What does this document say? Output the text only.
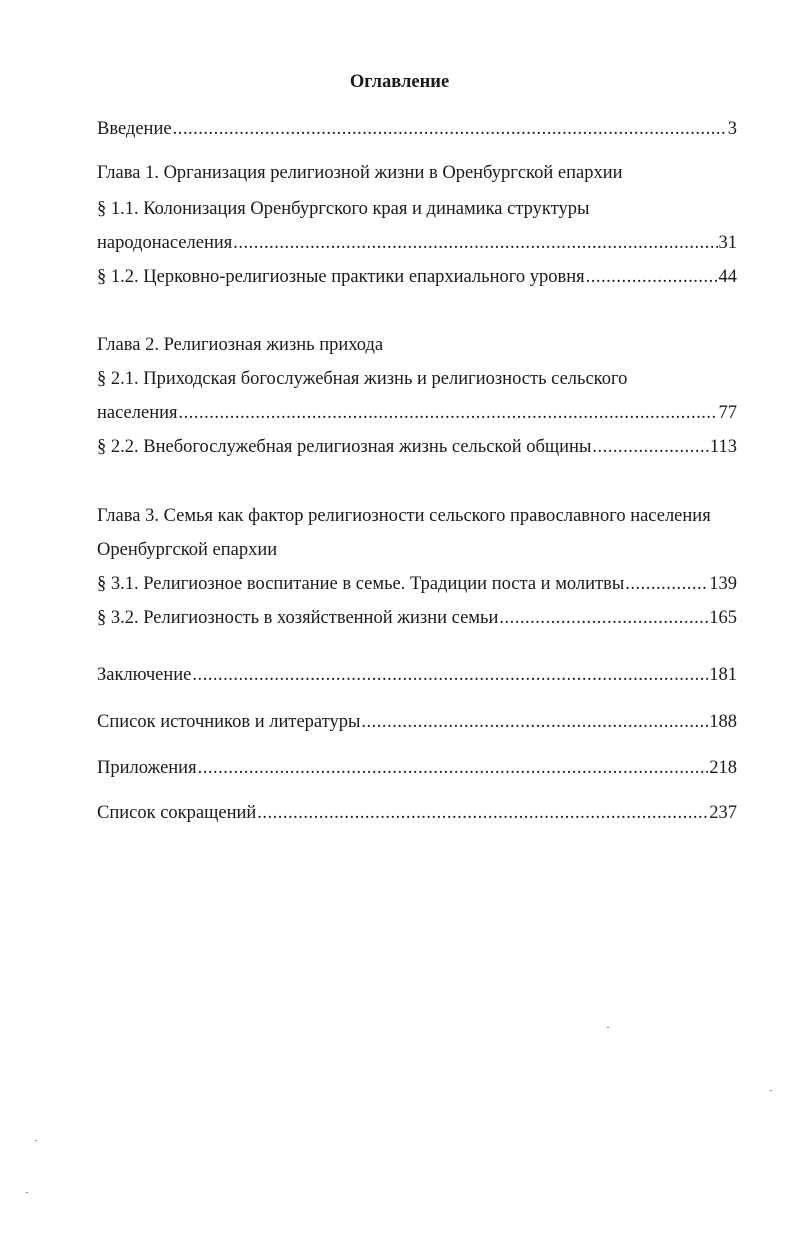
Оглавление
Введение .....	3
Глава 1. Организация религиозной жизни в Оренбургской епархии
§ 1.1. Колонизация Оренбургского края и динамика структуры
народонаселения .....	31
§ 1.2. Церковно-религиозные практики епархиального уровня .....	44
Глава 2. Религиозная жизнь прихода
§ 2.1. Приходская богослужебная жизнь и религиозность сельского
населения .....	77
§ 2.2. Внебогослужебная религиозная жизнь сельской общины .....	113
Глава 3. Семья как фактор религиозности сельского православного населения
Оренбургской епархии
§ 3.1. Религиозное воспитание в семье. Традиции поста и молитвы .....	139
§ 3.2. Религиозность в хозяйственной жизни семьи .....	165
Заключение .....	181
Список источников и литературы .....	188
Приложения .....	218
Список сокращений .....	237
